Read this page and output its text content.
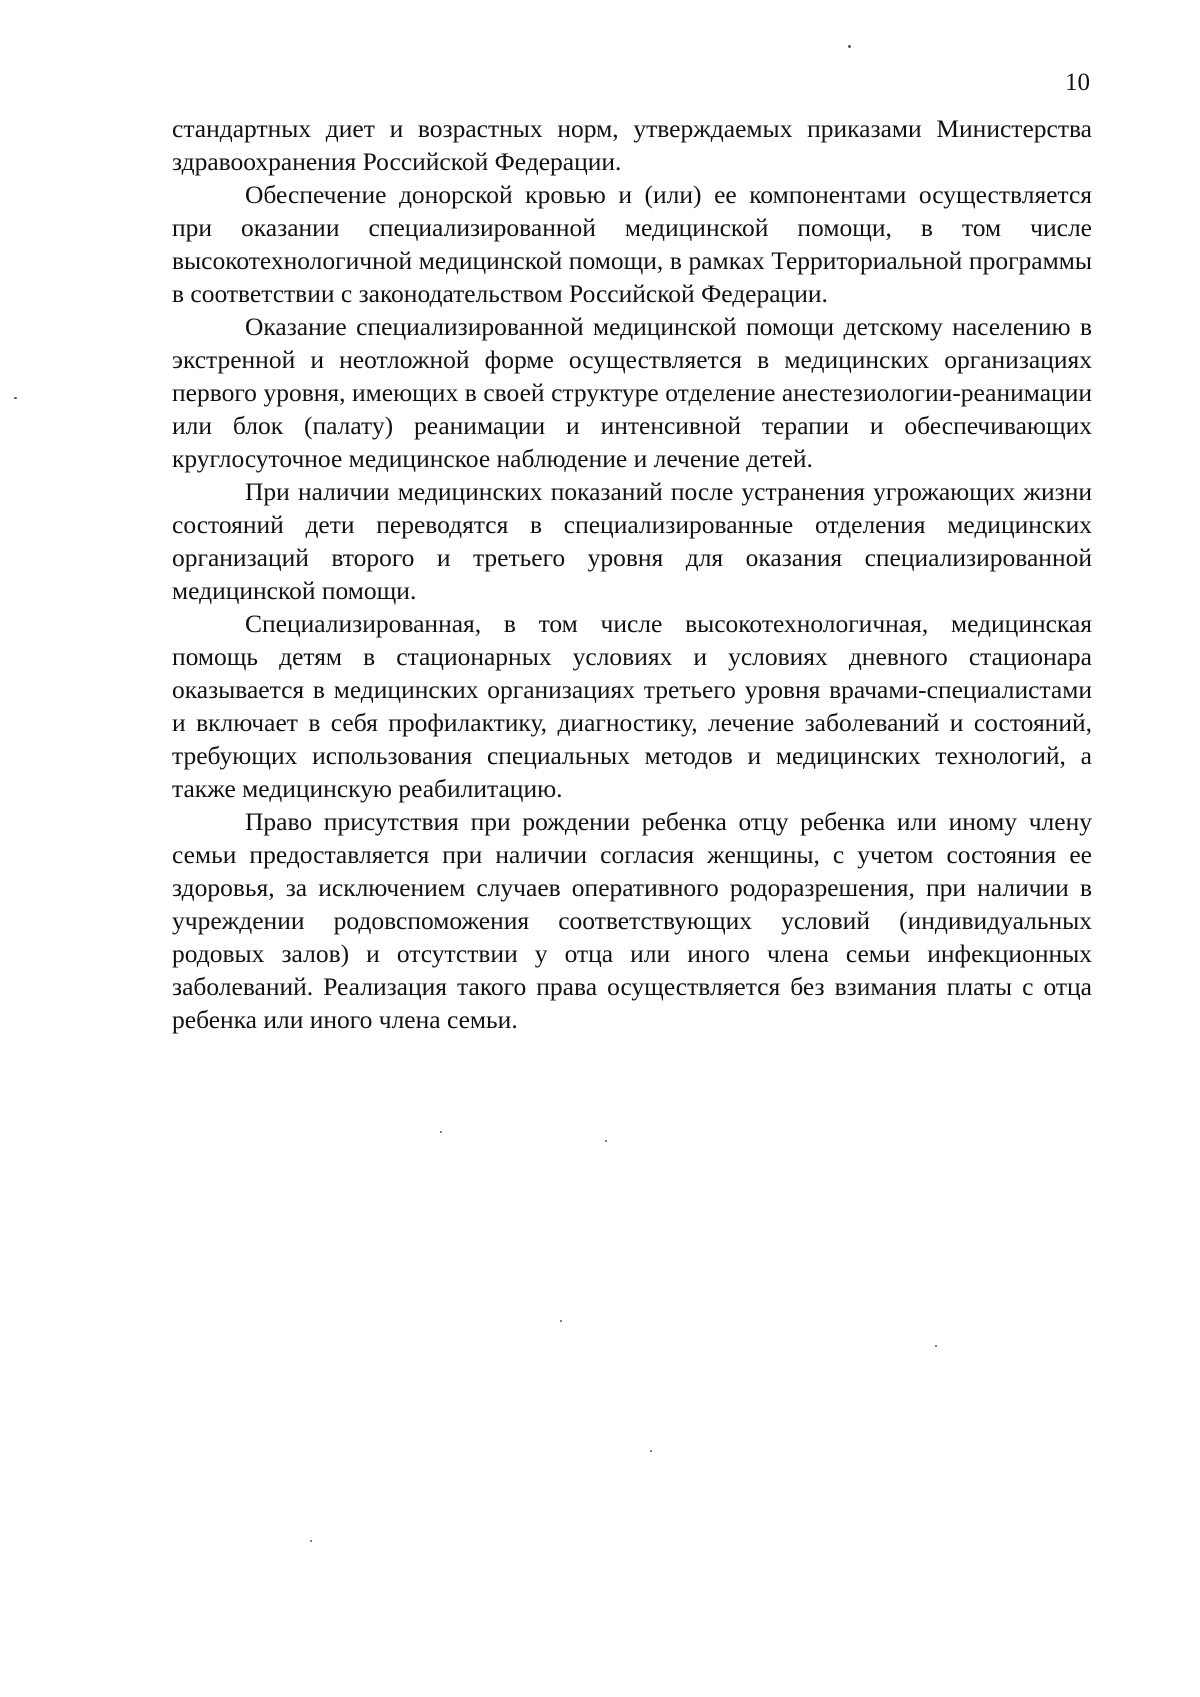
10

стандартных диет и возрастных норм, утверждаемых приказами Министерства здравоохранения Российской Федерации.

Обеспечение донорской кровью и (или) ее компонентами осуществляется при оказании специализированной медицинской помощи, в том числе высокотехнологичной медицинской помощи, в рамках Территориальной программы в соответствии с законодательством Российской Федерации.

Оказание специализированной медицинской помощи детскому населению в экстренной и неотложной форме осуществляется в медицинских организациях первого уровня, имеющих в своей структуре отделение анестезиологии-реанимации или блок (палату) реанимации и интенсивной терапии и обеспечивающих круглосуточное медицинское наблюдение и лечение детей.

При наличии медицинских показаний после устранения угрожающих жизни состояний дети переводятся в специализированные отделения медицинских организаций второго и третьего уровня для оказания специализированной медицинской помощи.

Специализированная, в том числе высокотехнологичная, медицинская помощь детям в стационарных условиях и условиях дневного стационара оказывается в медицинских организациях третьего уровня врачами-специалистами и включает в себя профилактику, диагностику, лечение заболеваний и состояний, требующих использования специальных методов и медицинских технологий, а также медицинскую реабилитацию.

Право присутствия при рождении ребенка отцу ребенка или иному члену семьи предоставляется при наличии согласия женщины, с учетом состояния ее здоровья, за исключением случаев оперативного родоразрешения, при наличии в учреждении родовспоможения соответствующих условий (индивидуальных родовых залов) и отсутствии у отца или иного члена семьи инфекционных заболеваний. Реализация такого права осуществляется без взимания платы с отца ребенка или иного члена семьи.
